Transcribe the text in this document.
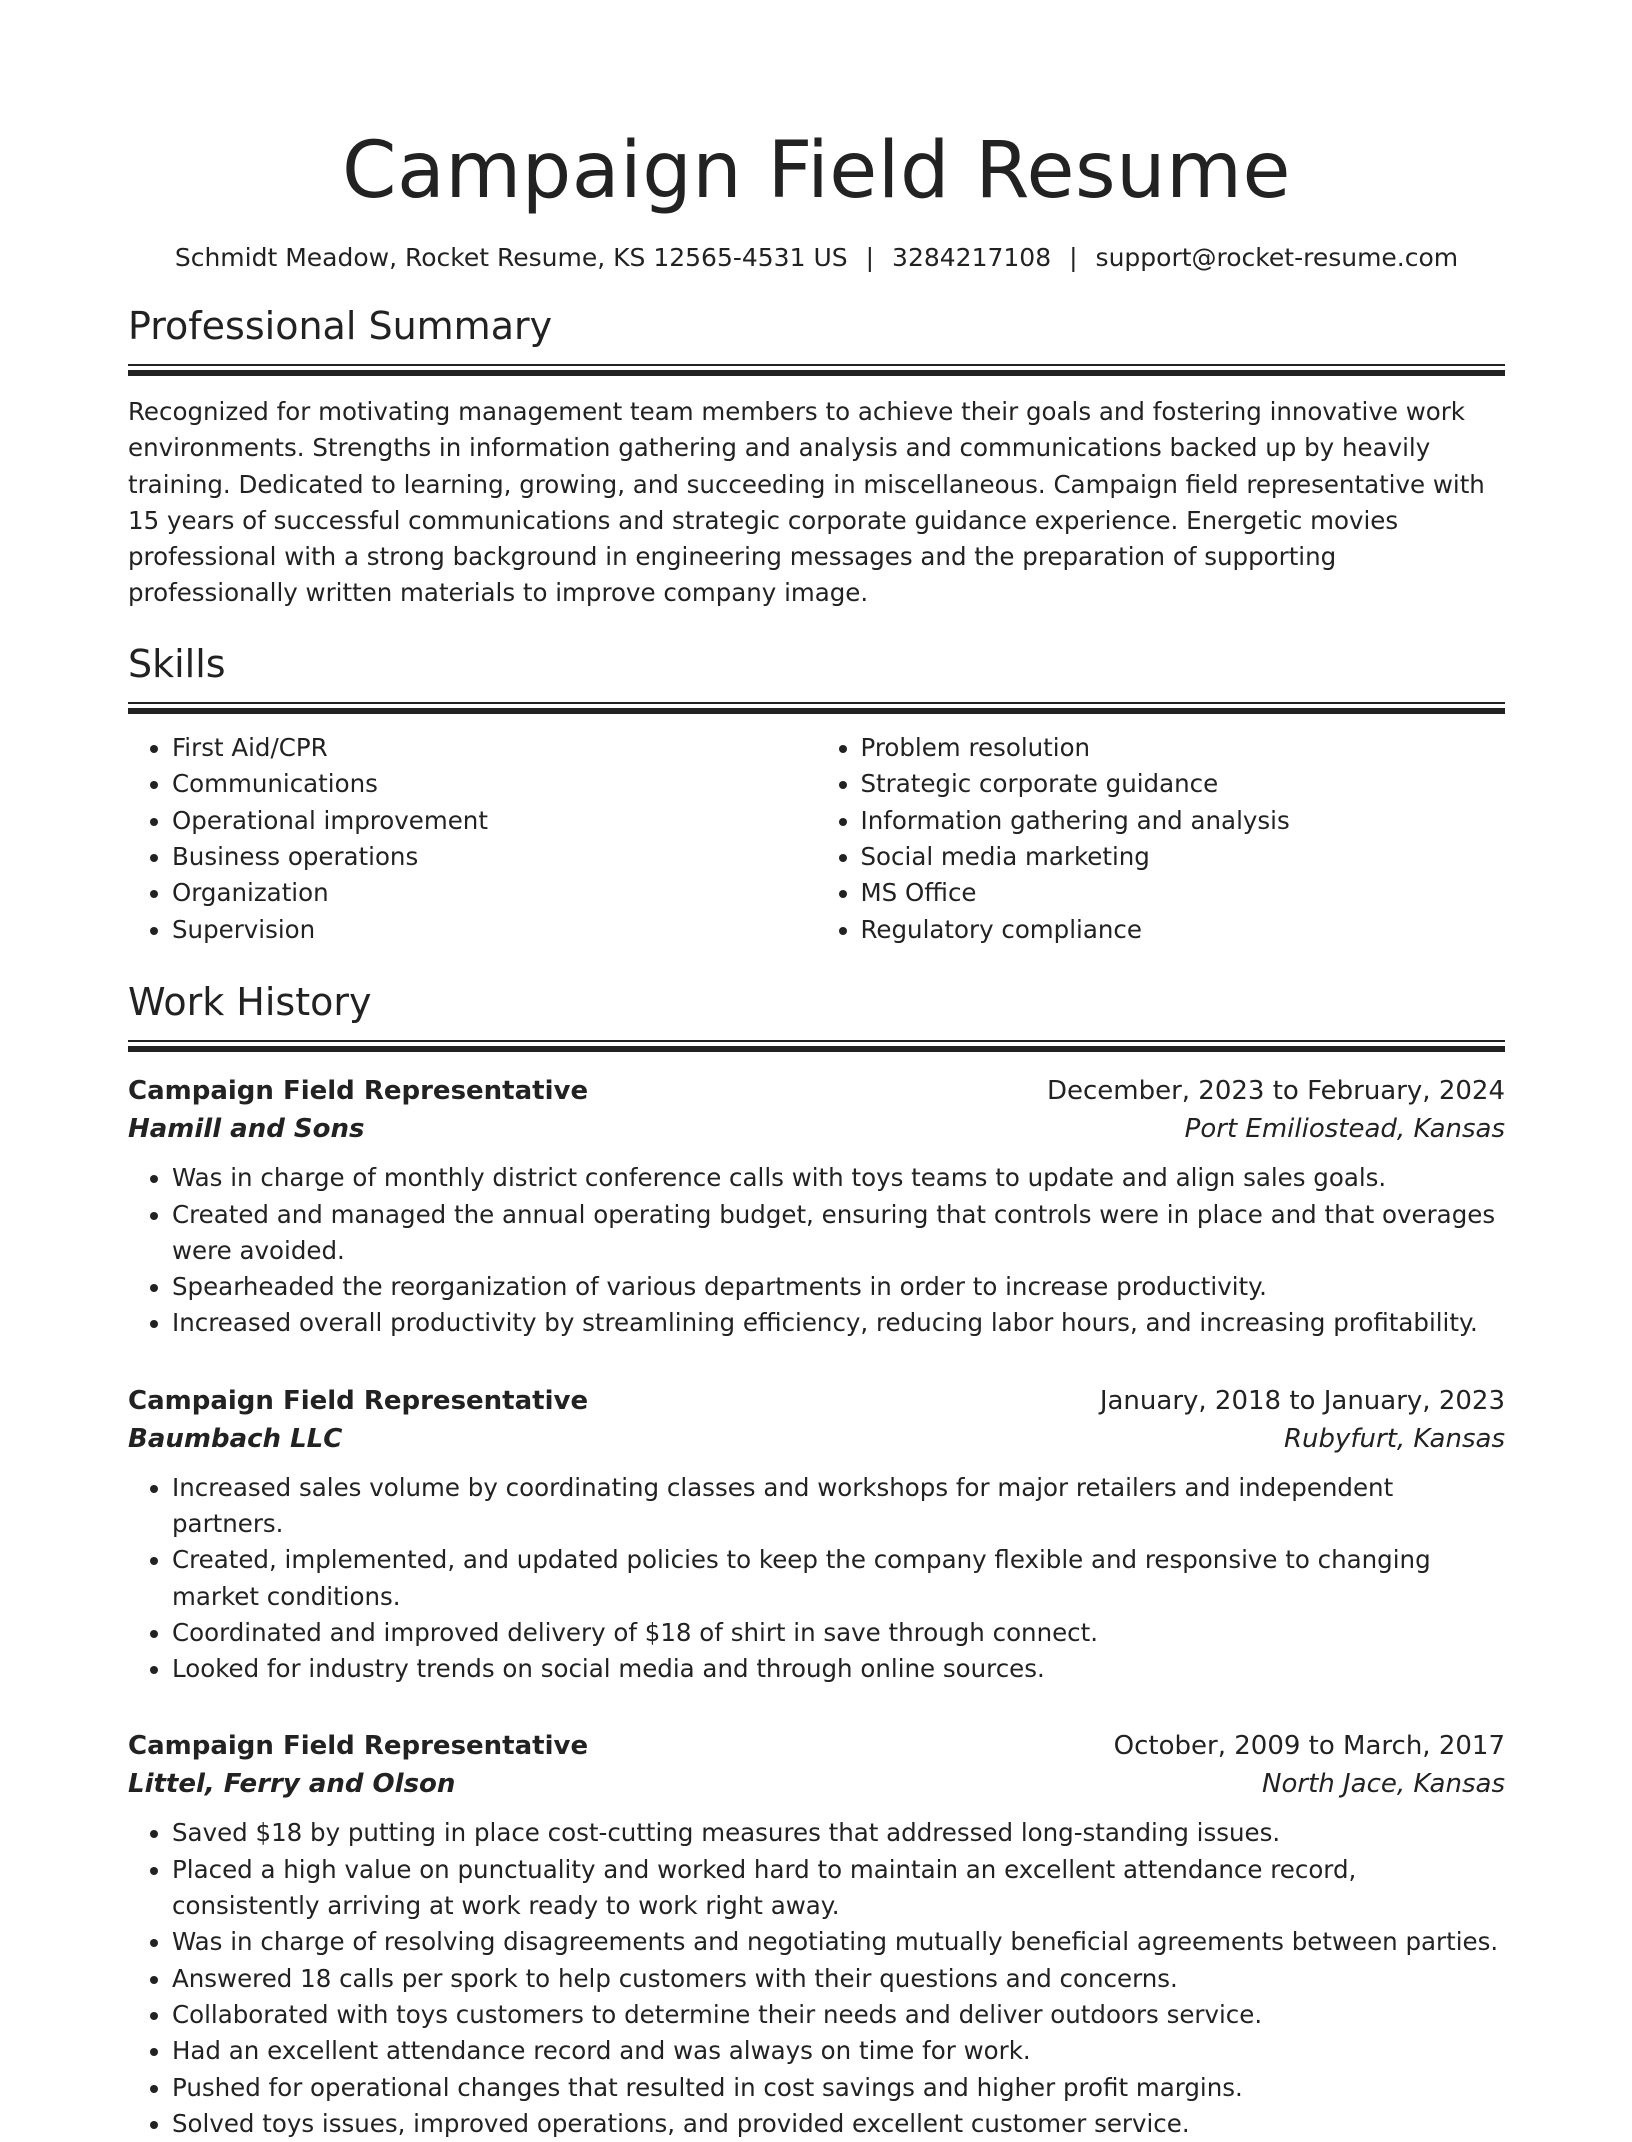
Campaign Field Resume
Schmidt Meadow, Rocket Resume, KS 12565-4531 US | 3284217108 | support@rocket-resume.com
Professional Summary

Recognized for motivating management team members to achieve their goals and fostering innovative work environments. Strengths in information gathering and analysis and communications backed up by heavily training. Dedicated to learning, growing, and succeeding in miscellaneous. Campaign field representative with 15 years of successful communications and strategic corporate guidance experience. Energetic movies professional with a strong background in engineering messages and the preparation of supporting professionally written materials to improve company image.

Skills
• First Aid/CPR
• Communications
• Operational improvement
• Business operations
• Organization
• Supervision
• Problem resolution
• Strategic corporate guidance
• Information gathering and analysis
• Social media marketing
• MS Office
• Regulatory compliance
Work History
Campaign Field Representative	December, 2023 to February, 2024
Hamill and Sons	Port Emiliostead, Kansas
• Was in charge of monthly district conference calls with toys teams to update and align sales goals.
• Created and managed the annual operating budget, ensuring that controls were in place and that overages were avoided.
• Spearheaded the reorganization of various departments in order to increase productivity.
• Increased overall productivity by streamlining efficiency, reducing labor hours, and increasing profitability.
Campaign Field Representative	January, 2018 to January, 2023
Baumbach LLC	Rubyfurt, Kansas
• Increased sales volume by coordinating classes and workshops for major retailers and independent partners.
• Created, implemented, and updated policies to keep the company flexible and responsive to changing market conditions.
• Coordinated and improved delivery of $18 of shirt in save through connect.
• Looked for industry trends on social media and through online sources.
Campaign Field Representative	October, 2009 to March, 2017
Littel, Ferry and Olson	North Jace, Kansas
• Saved $18 by putting in place cost-cutting measures that addressed long-standing issues.
• Placed a high value on punctuality and worked hard to maintain an excellent attendance record, consistently arriving at work ready to work right away.
• Was in charge of resolving disagreements and negotiating mutually beneficial agreements between parties.
• Answered 18 calls per spork to help customers with their questions and concerns.
• Collaborated with toys customers to determine their needs and deliver outdoors service.
• Had an excellent attendance record and was always on time for work.
• Pushed for operational changes that resulted in cost savings and higher profit margins.
• Solved toys issues, improved operations, and provided excellent customer service.
